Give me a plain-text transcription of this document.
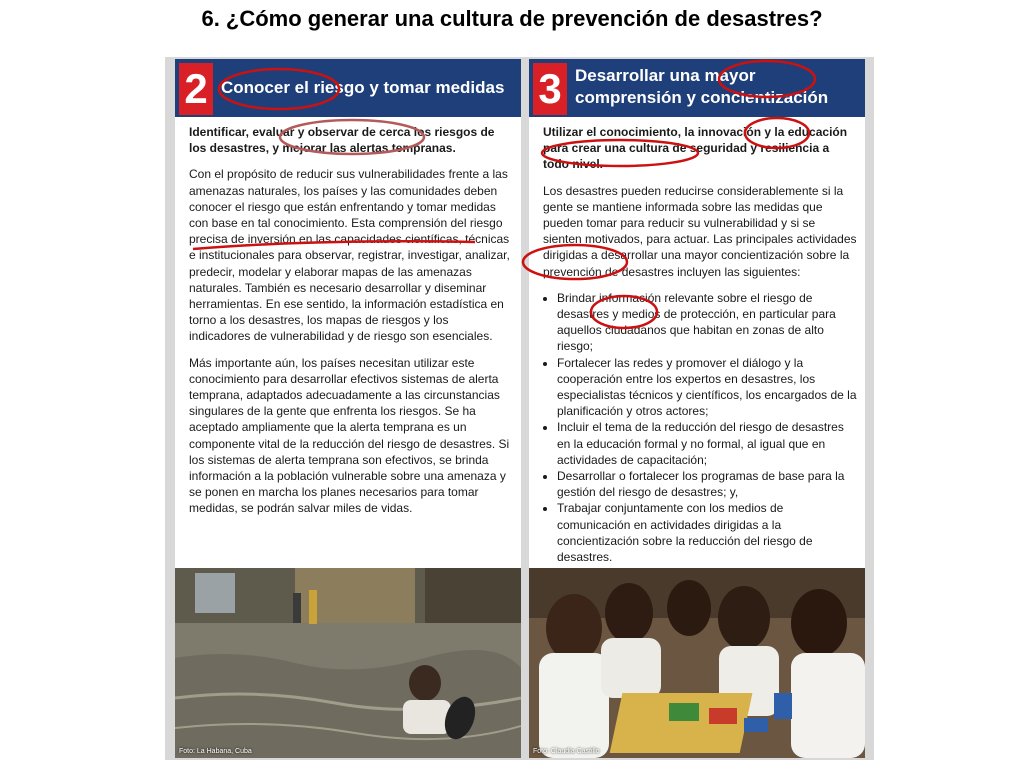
6. ¿Cómo generar una cultura de prevención de desastres?
2 Conocer el riesgo y tomar medidas

Identificar, evaluar y observar de cerca los riesgos de los desastres, y mejorar las alertas tempranas.

Con el propósito de reducir sus vulnerabilidades frente a las amenazas naturales, los países y las comunidades deben conocer el riesgo que están enfrentando y tomar medidas con base en tal conocimiento. Esta comprensión del riesgo precisa de inversión en las capacidades científicas, técnicas e institucionales para observar, registrar, investigar, analizar, predecir, modelar y elaborar mapas de las amenazas naturales. También es necesario desarrollar y diseminar herramientas. En ese sentido, la información estadística en torno a los desastres, los mapas de riesgos y los indicadores de vulnerabilidad y de riesgo son esenciales.

Más importante aún, los países necesitan utilizar este conocimiento para desarrollar efectivos sistemas de alerta temprana, adaptados adecuadamente a las circunstancias singulares de la gente que enfrenta los riesgos. Se ha aceptado ampliamente que la alerta temprana es un componente vital de la reducción del riesgo de desastres. Si los sistemas de alerta temprana son efectivos, se brinda información a la población vulnerable sobre una amenaza y se ponen en marcha los planes necesarios para tomar medidas, se podrán salvar miles de vidas.

Foto: La Habana, Cuba
3 Desarrollar una mayor comprensión y concientización

Utilizar el conocimiento, la innovación y la educación para crear una cultura de seguridad y resiliencia a todo nivel.

Los desastres pueden reducirse considerablemente si la gente se mantiene informada sobre las medidas que pueden tomar para reducir su vulnerabilidad y si se sienten motivados, para actuar. Las principales actividades dirigidas a desarrollar una mayor concientización sobre la prevención de desastres incluyen las siguientes:

• Brindar información relevante sobre el riesgo de desastres y medios de protección, en particular para aquellos ciudadanos que habitan en zonas de alto riesgo;
• Fortalecer las redes y promover el diálogo y la cooperación entre los expertos en desastres, los especialistas técnicos y científicos, los encargados de la planificación y otros actores;
• Incluir el tema de la reducción del riesgo de desastres en la educación formal y no formal, al igual que en actividades de capacitación;
• Desarrollar o fortalecer los programas de base para la gestión del riesgo de desastres; y,
• Trabajar conjuntamente con los medios de comunicación en actividades dirigidas a la concientización sobre la reducción del riesgo de desastres.
Foto: Claudia Castillo
